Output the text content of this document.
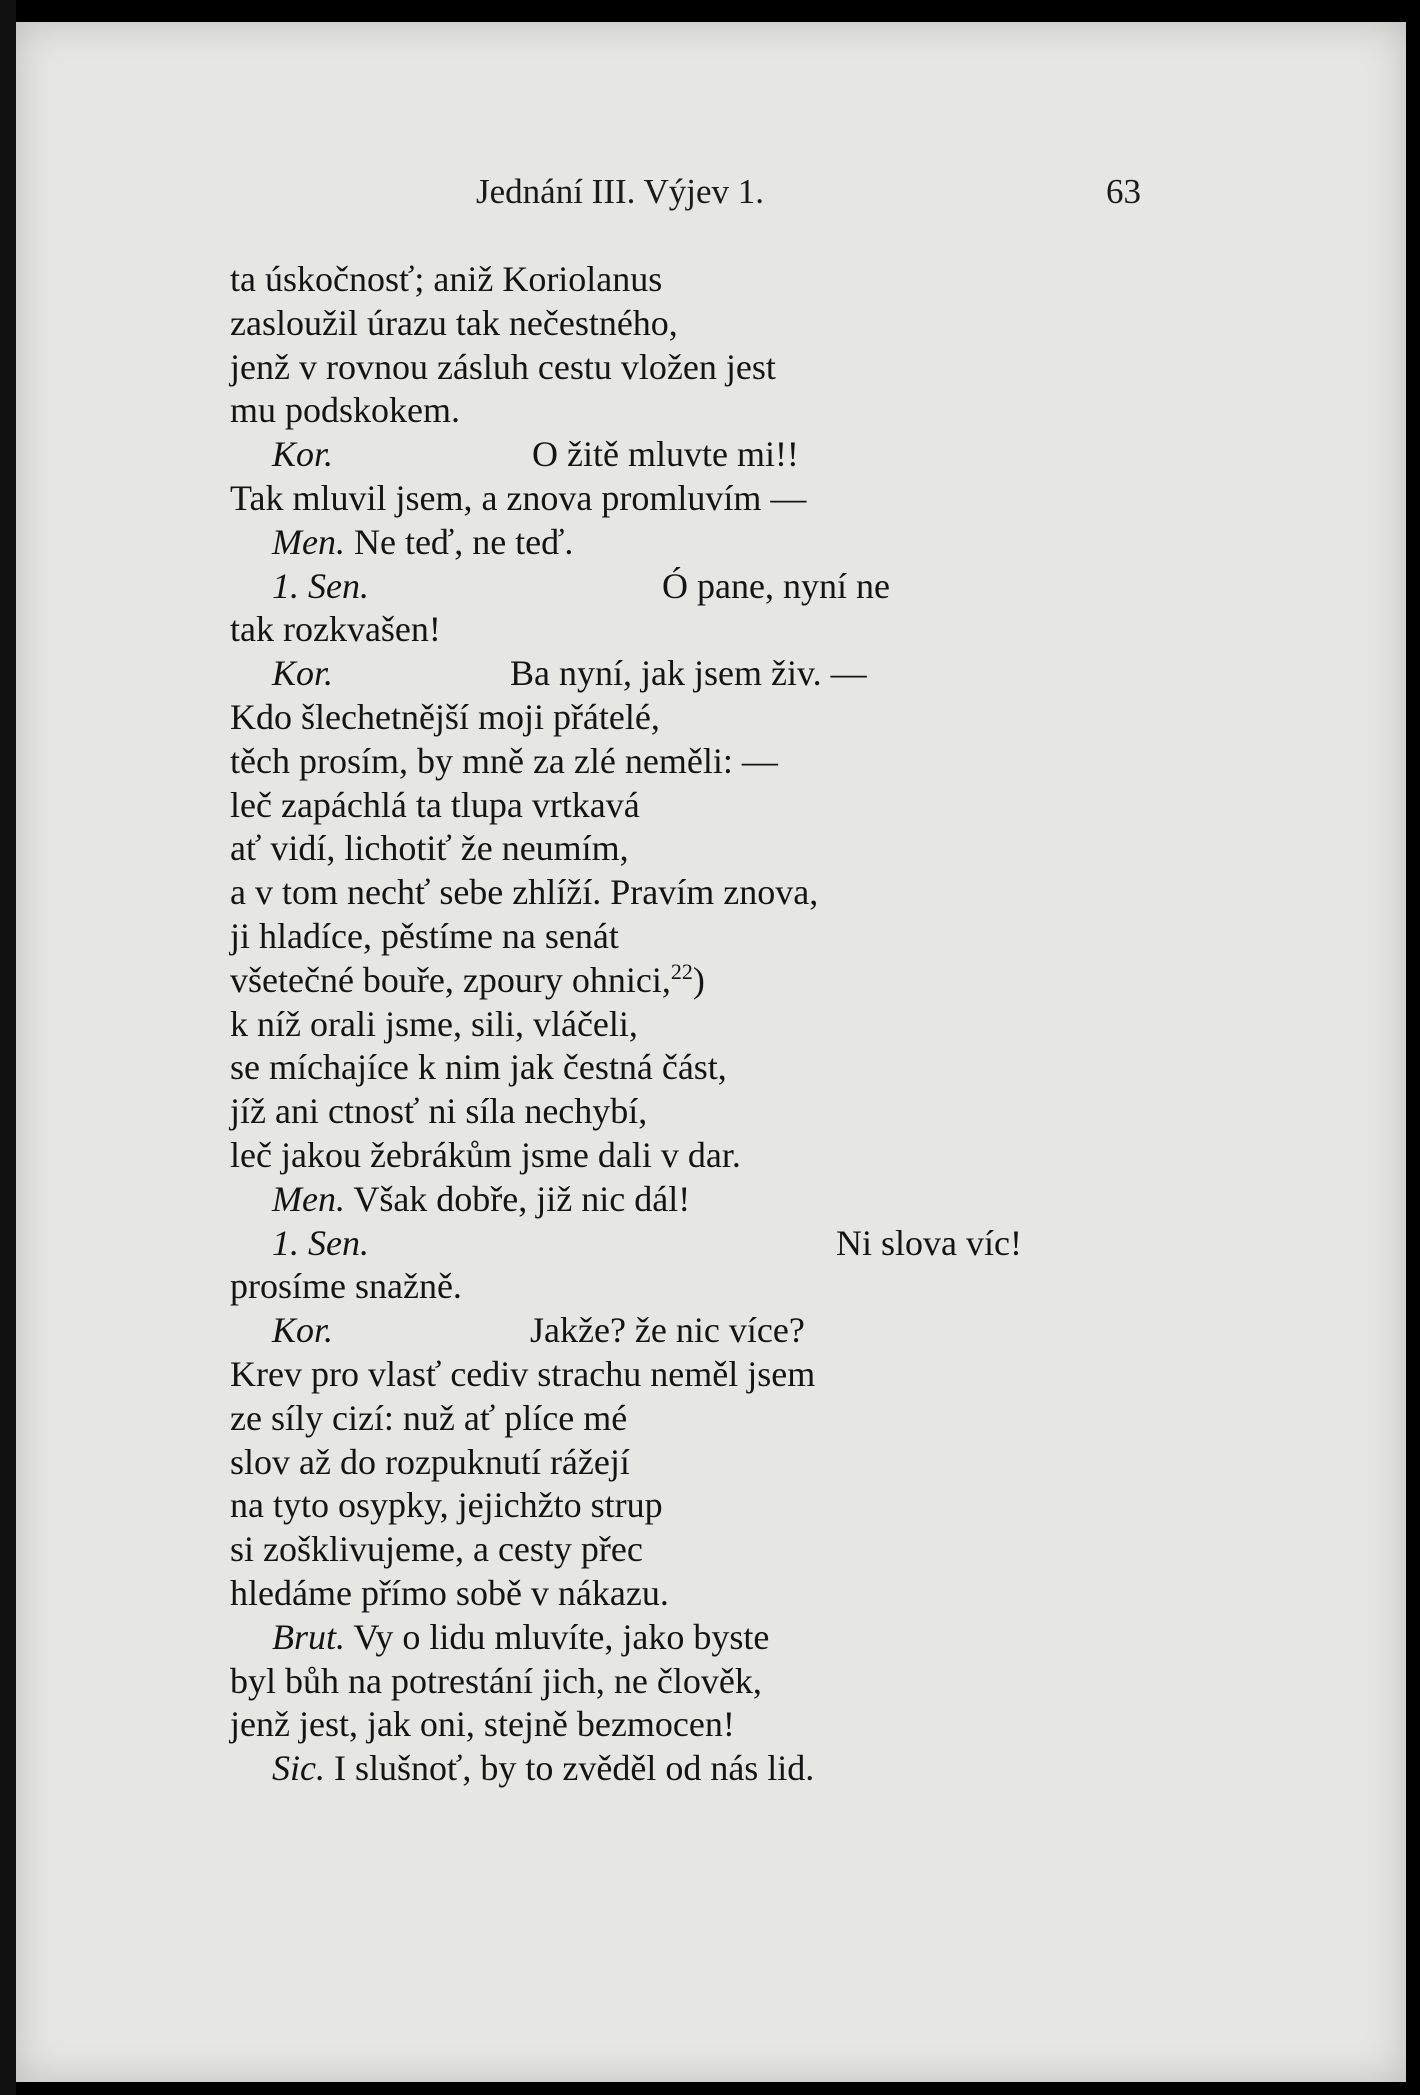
Jednání III. Výjev 1.	63
ta úskočnosť; aniž Koriolanus
zasloužil úrazu tak nečestného,
jenž v rovnou zásluh cestu vložen jest
mu podskokem.
Kor.	O žitě mluvte mi!!
Tak mluvil jsem, a znova promluvím —
Men. Ne teď, ne teď.
1. Sen.	Ó pane, nyní ne
tak rozkvašen!
Kor.	Ba nyní, jak jsem živ. —
Kdo šlechetnější moji přátelé,
těch prosím, by mně za zlé neměli: —
leč zapáchlá ta tlupa vrtkavá
ať vidí, lichotiť že neumím,
a v tom nechť sebe zhlíží. Pravím znova,
ji hladíce, pěstíme na senát
všetečné bouře, zpoury ohnici,$^{22}$)
k níž orali jsme, sili, vláčeli,
se míchajíce k nim jak čestná část,
jíž ani ctnosť ni síla nechybí,
leč jakou žebrákům jsme dali v dar.
Men. Však dobře, již nic dál!
1. Sen.	Ni slova víc!
prosíme snažně.
Kor.	Jakže? že nic více?
Krev pro vlasť cediv strachu neměl jsem
ze síly cizí: nuž ať plíce mé
slov až do rozpuknutí rážejí
na tyto osypky, jejichžto strup
si zošklivujeme, a cesty přec
hledáme přímo sobě v nákazu.
Brut. Vy o lidu mluvíte, jako byste
byl bůh na potrestání jich, ne člověk,
jenž jest, jak oni, stejně bezmocen!
Sic. I slušnoť, by to zvěděl od nás lid.
